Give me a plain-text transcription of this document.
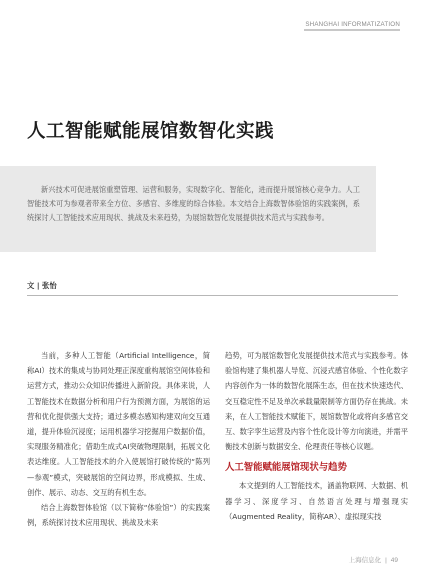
SHANGHAI INFORMATIZATION
人工智能赋能展馆数智化实践

新兴技术可促进展馆重塑管理、运营和服务，实现数字化、智能化，进而提升展馆核心竞争力。人工智能技术可为参观者带来全方位、多感官、多维度的综合体验。本文结合上海数智体验馆的实践案例，系统探讨人工智能技术应用现状、挑战及未来趋势，为展馆数智化发展提供技术范式与实践参考。

文 | 张怡

当前，多种人工智能（Artificial Intelligence，简称AI）技术的集成与协同处理正深度重构展馆空间体验和运营方式，推动公众知识传播进入新阶段。具体来说，人工智能技术在数据分析和用户行为预测方面，为展馆的运营和优化提供强大支持；通过多模态感知构建双向交互通道，提升体验沉浸度；运用机器学习挖掘用户数据价值，实现服务精准化；借助生成式AI突破物理限制，拓展文化表达维度。人工智能技术的介入使展馆打破传统的“陈列—参观”模式，突破展馆的空间边界，形成模拟、生成、创作、展示、动态、交互的有机生态。

结合上海数智体验馆（以下简称“体验馆”）的实践案例，系统探讨技术应用现状、挑战及未来

趋势，可为展馆数智化发展提供技术范式与实践参考。体验馆构建了集机器人导览、沉浸式感官体验、个性化数字内容创作为一体的数智化展陈生态，但在技术快速迭代、交互稳定性不足及单次承载量限制等方面仍存在挑战。未来，在人工智能技术赋能下，展馆数智化或将向多感官交互、数字孪生运营及内容个性化设计等方向演进，并需平衡技术创新与数据安全、伦理责任等核心议题。

人工智能赋能展馆现状与趋势

本文提到的人工智能技术，涵盖物联网、大数据、机器学习、深度学习、自然语言处理与增强现实（Augmented Reality，简称AR）、虚拟现实技

上海信息化 | 49
